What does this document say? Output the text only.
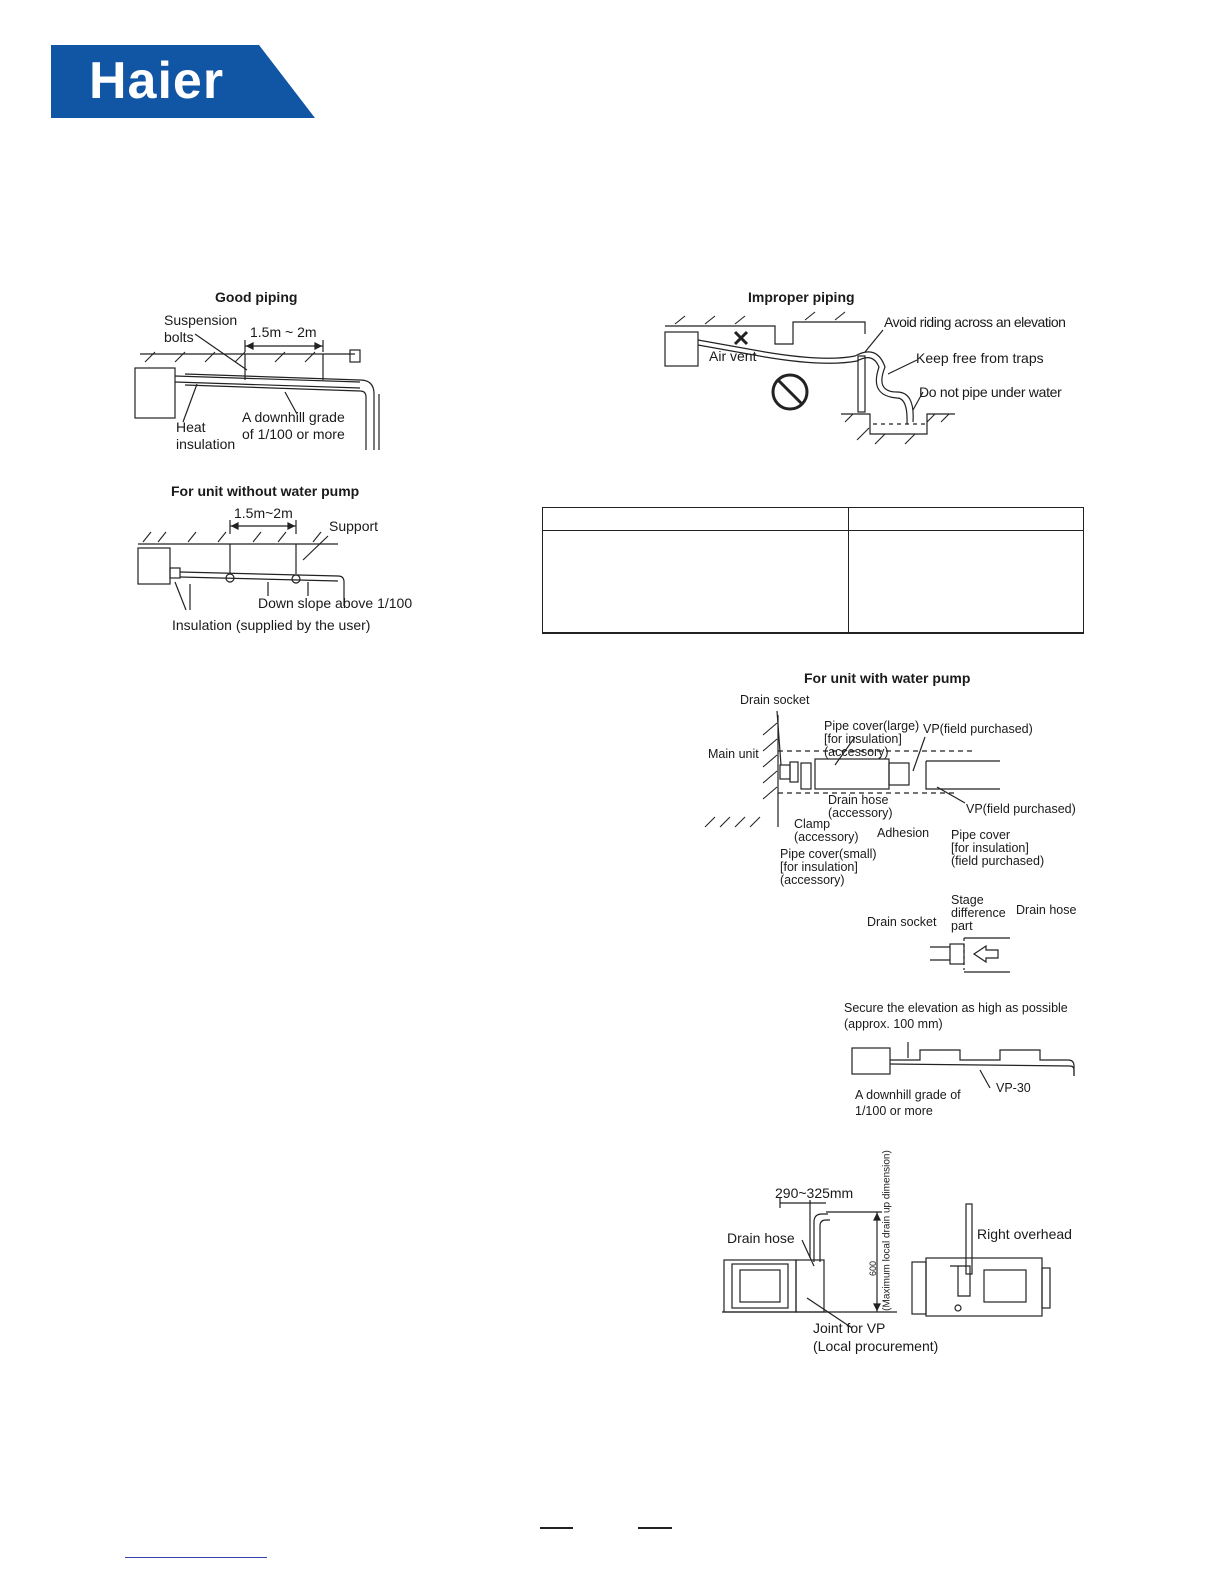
Haier
Good piping
Suspension
bolts	1.5m ~ 2m
Heat
insulation
A downhill grade
of 1/100 or more
Improper piping
Avoid riding across an elevation
Air vent	Keep free from traps
Do not pipe under water
For unit without water pump
1.5m~2m
Support
Down slope above 1/100
Insulation (supplied by the user)

For unit with water pump
Drain socket
Main unit
Pipe cover(large)
[for insulation]
(accessory)
VP(field purchased)
Drain hose
(accessory)	VP(field purchased)
Clamp
(accessory) Adhesion Pipe cover
[for insulation]
(field purchased)
Pipe cover(small)
[for insulation]
(accessory)
Stage
difference
part
Drain hose
Drain socket
Secure the elevation as high as possible
(approx. 100 mm)
VP-30
A downhill grade of
1/100 or more
290~325mm
Drain hose	Right overhead
Joint for VP
(Local procurement)
(Maximum local drain up dimension)
600
